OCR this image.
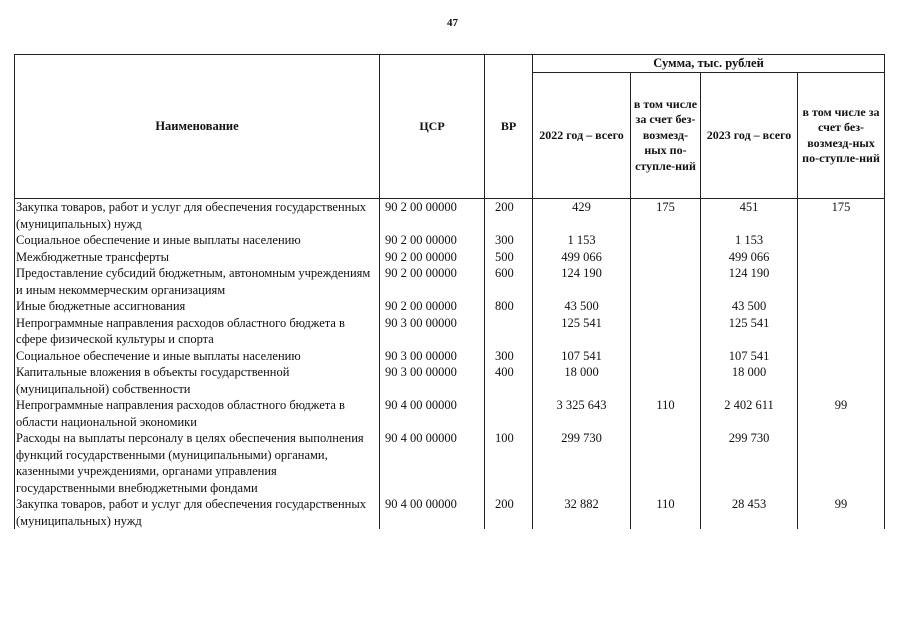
47
Наименование	ЦСР	ВР	Сумма, тыс. рублей			
			2022 год – всего	в том числе за счет без-возмезд-ных по-ступле-ний	2023 год – всего	в том числе за счет без-возмезд-ных по-ступле-ний
Закупка товаров, работ и услуг для обеспечения государственных (муниципальных) нужд	90 2 00 00000	200	429	175	451	175
Социальное обеспечение и иные выплаты населению	90 2 00 00000	300	1 153		1 153	
Межбюджетные трансферты	90 2 00 00000	500	499 066		499 066	
Предоставление субсидий бюджетным, автономным учреждениям и иным некоммерческим организациям	90 2 00 00000	600	124 190		124 190	
Иные бюджетные ассигнования	90 2 00 00000	800	43 500		43 500	
Непрограммные направления расходов областного бюджета в сфере физической культуры и спорта	90 3 00 00000		125 541		125 541	
Социальное обеспечение и иные выплаты населению	90 3 00 00000	300	107 541		107 541	
Капитальные вложения в объекты государственной (муниципальной) собственности	90 3 00 00000	400	18 000		18 000	
Непрограммные направления расходов областного бюджета в области национальной экономики	90 4 00 00000		3 325 643	110	2 402 611	99
Расходы на выплаты персоналу в целях обеспечения выполнения функций государственными (муниципальными) органами, казенными учреждениями, органами управления государственными внебюджетными фондами	90 4 00 00000	100	299 730		299 730	
Закупка товаров, работ и услуг для обеспечения государственных (муниципальных) нужд	90 4 00 00000	200	32 882	110	28 453	99
